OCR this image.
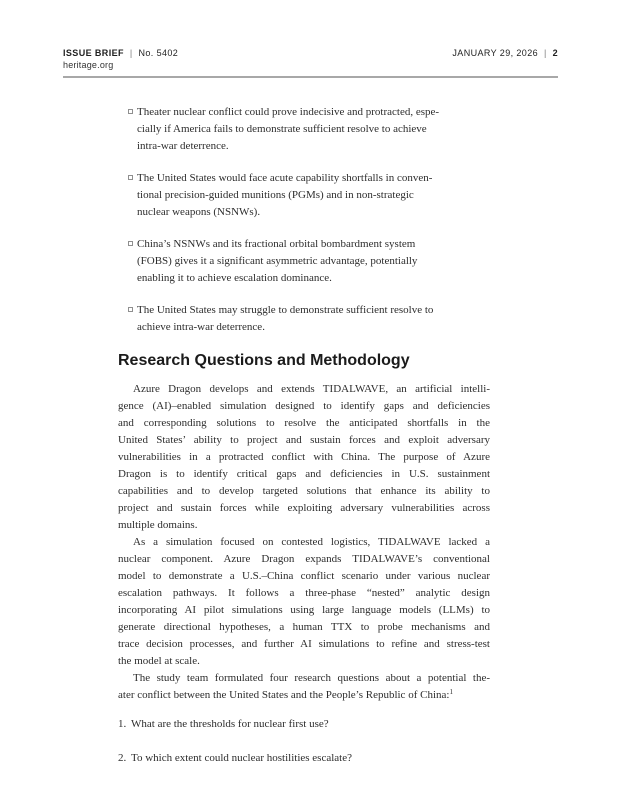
ISSUE BRIEF | No. 5402	JANUARY 29, 2026 | 2
heritage.org
Theater nuclear conflict could prove indecisive and protracted, espe-
cially if America fails to demonstrate sufficient resolve to achieve
intra-war deterrence.
The United States would face acute capability shortfalls in conven-
tional precision-guided munitions (PGMs) and in non-strategic
nuclear weapons (NSNWs).
China’s NSNWs and its fractional orbital bombardment system
(FOBS) gives it a significant asymmetric advantage, potentially
enabling it to achieve escalation dominance.
The United States may struggle to demonstrate sufficient resolve to
achieve intra-war deterrence.
Research Questions and Methodology
Azure Dragon develops and extends TIDALWAVE, an artificial intelli-
gence (AI)–enabled simulation designed to identify gaps and deficiencies
and corresponding solutions to resolve the anticipated shortfalls in the
United States’ ability to project and sustain forces and exploit adversary
vulnerabilities in a protracted conflict with China. The purpose of Azure
Dragon is to identify critical gaps and deficiencies in U.S. sustainment
capabilities and to develop targeted solutions that enhance its ability to
project and sustain forces while exploiting adversary vulnerabilities across
multiple domains.
As a simulation focused on contested logistics, TIDALWAVE lacked a
nuclear component. Azure Dragon expands TIDALWAVE’s conventional
model to demonstrate a U.S.–China conflict scenario under various nuclear
escalation pathways. It follows a three-phase “nested” analytic design
incorporating AI pilot simulations using large language models (LLMs) to
generate directional hypotheses, a human TTX to probe mechanisms and
trace decision processes, and further AI simulations to refine and stress-test
the model at scale.
The study team formulated four research questions about a potential the-
ater conflict between the United States and the People’s Republic of China:$^1$
1. What are the thresholds for nuclear first use?
2. To which extent could nuclear hostilities escalate?
